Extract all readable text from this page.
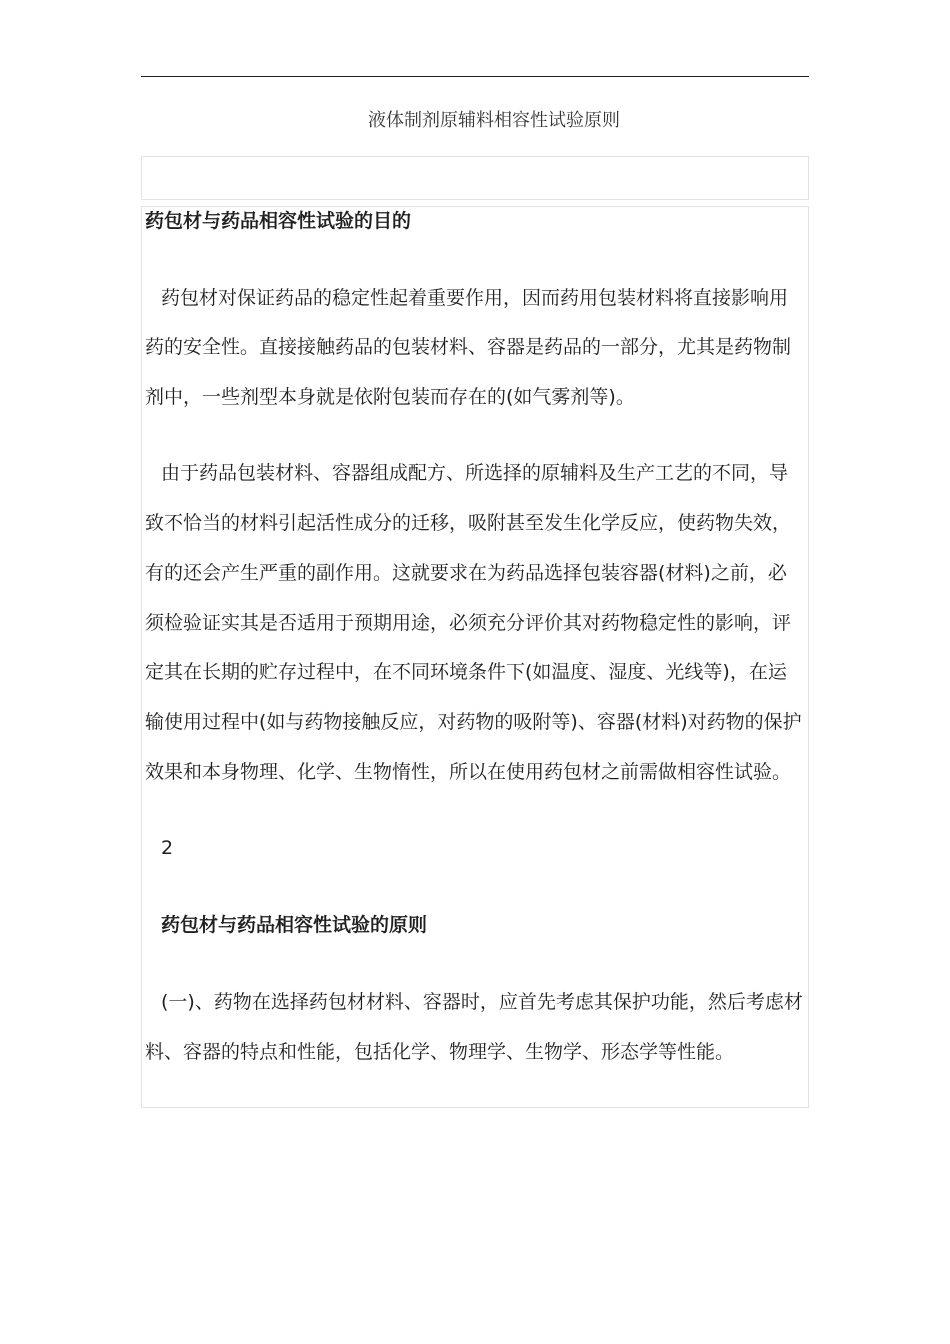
液体制剂原辅料相容性试验原则
药包材与药品相容性试验的目的
药包材对保证药品的稳定性起着重要作用，因而药用包装材料将直接影响用
药的安全性。直接接触药品的包装材料、容器是药品的一部分，尤其是药物制
剂中，一些剂型本身就是依附包装而存在的(如气雾剂等)。
由于药品包装材料、容器组成配方、所选择的原辅料及生产工艺的不同，导
致不恰当的材料引起活性成分的迁移，吸附甚至发生化学反应，使药物失效，
有的还会产生严重的副作用。这就要求在为药品选择包装容器(材料)之前，必
须检验证实其是否适用于预期用途，必须充分评价其对药物稳定性的影响，评
定其在长期的贮存过程中，在不同环境条件下(如温度、湿度、光线等)，在运
输使用过程中(如与药物接触反应，对药物的吸附等)、容器(材料)对药物的保护
效果和本身物理、化学、生物惰性，所以在使用药包材之前需做相容性试验。
2
药包材与药品相容性试验的原则
(一)、药物在选择药包材材料、容器时，应首先考虑其保护功能，然后考虑材
料、容器的特点和性能，包括化学、物理学、生物学、形态学等性能。
